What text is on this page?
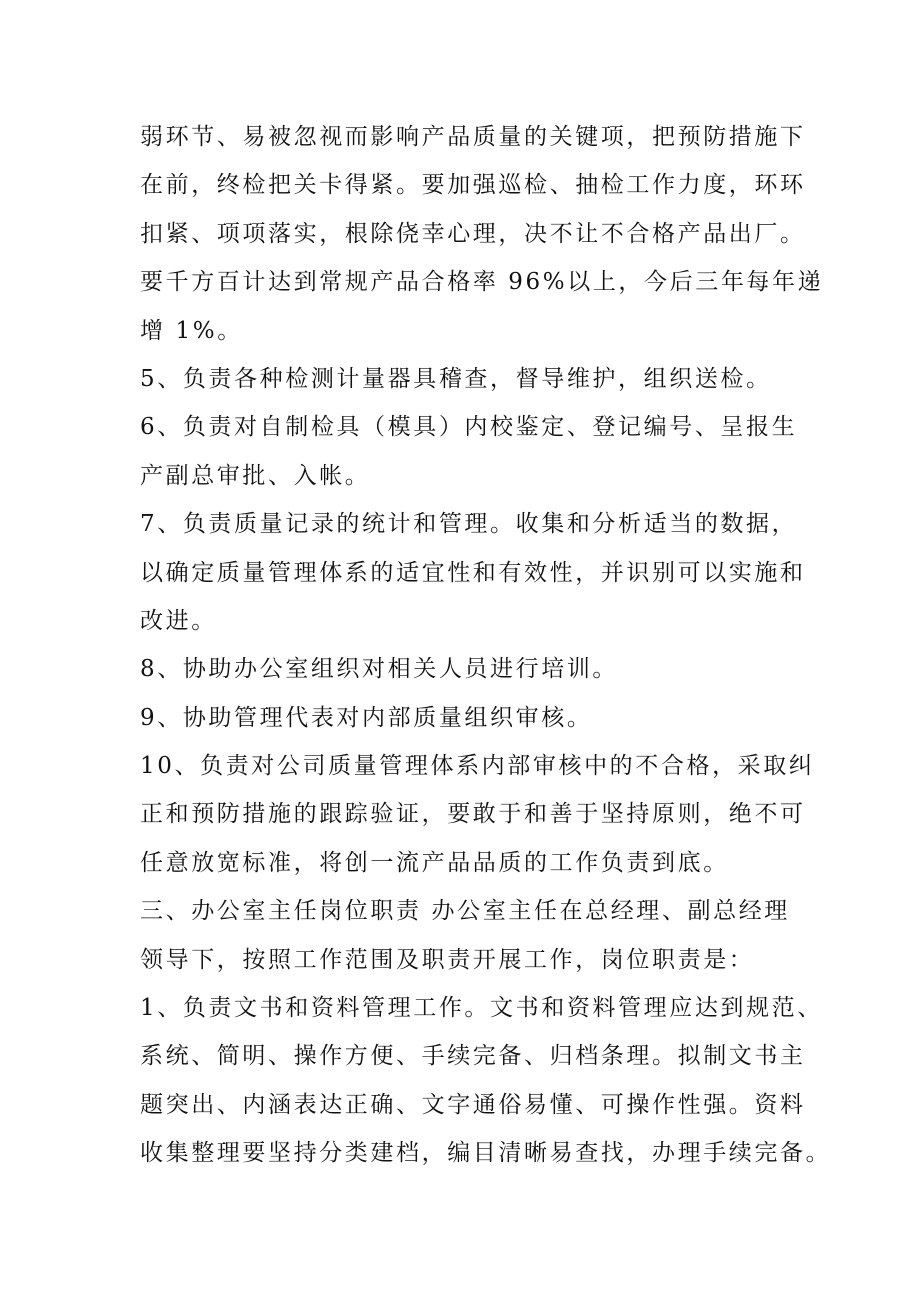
弱环节、易被忽视而影响产品质量的关键项，把预防措施下
在前，终检把关卡得紧。要加强巡检、抽检工作力度，环环
扣紧、项项落实，根除侥幸心理，决不让不合格产品出厂。
要千方百计达到常规产品合格率 96%以上，今后三年每年递
增 1%。
5、负责各种检测计量器具稽查，督导维护，组织送检。
6、负责对自制检具（模具）内校鉴定、登记编号、呈报生
产副总审批、入帐。
7、负责质量记录的统计和管理。收集和分析适当的数据，
以确定质量管理体系的适宜性和有效性，并识别可以实施和
改进。
8、协助办公室组织对相关人员进行培训。
9、协助管理代表对内部质量组织审核。
10、负责对公司质量管理体系内部审核中的不合格，采取纠
正和预防措施的跟踪验证，要敢于和善于坚持原则，绝不可
任意放宽标准，将创一流产品品质的工作负责到底。
三、办公室主任岗位职责 办公室主任在总经理、副总经理
领导下，按照工作范围及职责开展工作，岗位职责是：
1、负责文书和资料管理工作。文书和资料管理应达到规范、
系统、简明、操作方便、手续完备、归档条理。拟制文书主
题突出、内涵表达正确、文字通俗易懂、可操作性强。资料
收集整理要坚持分类建档，编目清晰易查找，办理手续完备。
